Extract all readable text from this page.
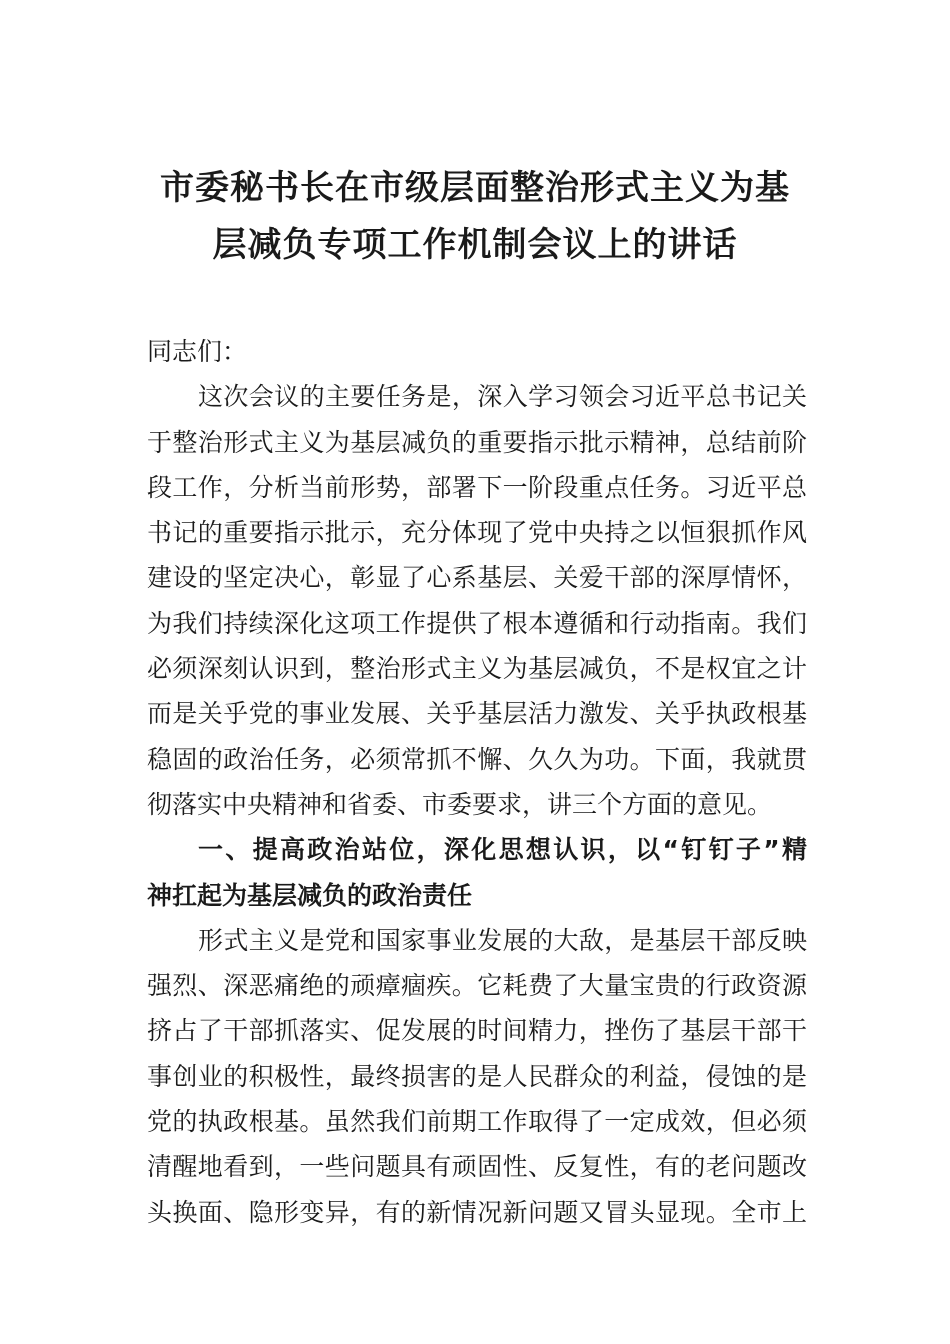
市委秘书长在市级层面整治形式主义为基
层减负专项工作机制会议上的讲话
同志们：
这次会议的主要任务是，深入学习领会习近平总书记关
于整治形式主义为基层减负的重要指示批示精神，总结前阶
段工作，分析当前形势，部署下一阶段重点任务。习近平总
书记的重要指示批示，充分体现了党中央持之以恒狠抓作风
建设的坚定决心，彰显了心系基层、关爱干部的深厚情怀，
为我们持续深化这项工作提供了根本遵循和行动指南。我们
必须深刻认识到，整治形式主义为基层减负，不是权宜之计
而是关乎党的事业发展、关乎基层活力激发、关乎执政根基
稳固的政治任务，必须常抓不懈、久久为功。下面，我就贯
彻落实中央精神和省委、市委要求，讲三个方面的意见。
一、提高政治站位，深化思想认识，以“钉钉子”精
神扛起为基层减负的政治责任
形式主义是党和国家事业发展的大敌，是基层干部反映
强烈、深恶痛绝的顽瘴痼疾。它耗费了大量宝贵的行政资源
挤占了干部抓落实、促发展的时间精力，挫伤了基层干部干
事创业的积极性，最终损害的是人民群众的利益，侵蚀的是
党的执政根基。虽然我们前期工作取得了一定成效，但必须
清醒地看到，一些问题具有顽固性、反复性，有的老问题改
头换面、隐形变异，有的新情况新问题又冒头显现。全市上
